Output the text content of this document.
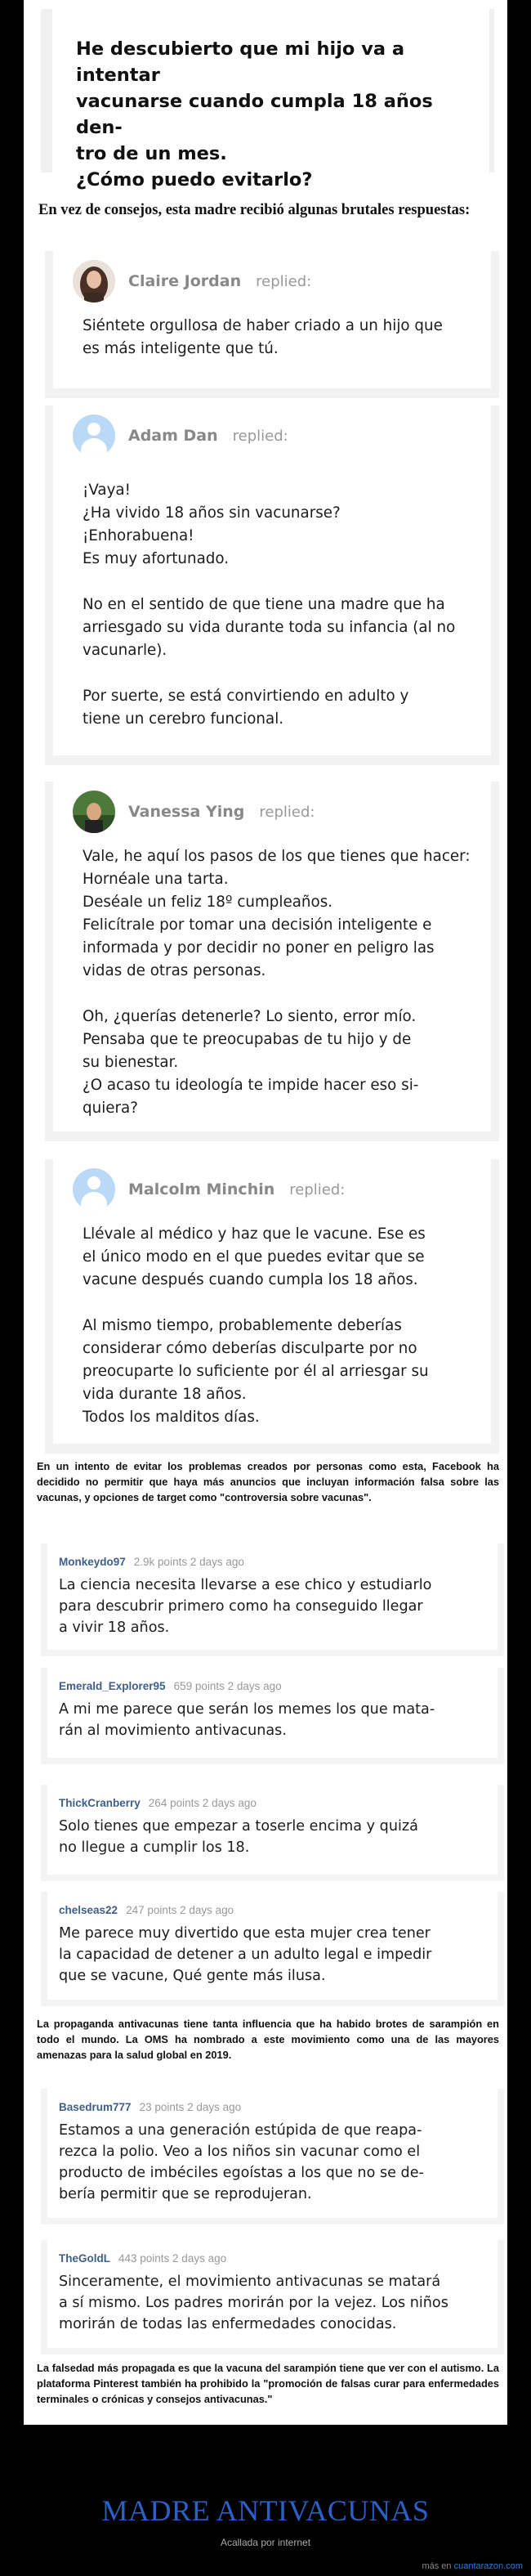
He descubierto que mi hijo va a intentar
vacunarse cuando cumpla 18 años den-
tro de un mes.
¿Cómo puedo evitarlo?
En vez de consejos, esta madre recibió algunas brutales respuestas:
Claire Jordan replied:
Siéntete orgullosa de haber criado a un hijo que
es más inteligente que tú.
Adam Dan replied:
¡Vaya!
¿Ha vivido 18 años sin vacunarse?
¡Enhorabuena!
Es muy afortunado.

No en el sentido de que tiene una madre que ha
arriesgado su vida durante toda su infancia (al no
vacunarle).

Por suerte, se está convirtiendo en adulto y
tiene un cerebro funcional.
Vanessa Ying replied:
Vale, he aquí los pasos de los que tienes que hacer:
Hornéale una tarta.
Deséale un feliz 18º cumpleaños.
Felicítrale por tomar una decisión inteligente e
informada y por decidir no poner en peligro las
vidas de otras personas.

Oh, ¿querías detenerle? Lo siento, error mío.
Pensaba que te preocupabas de tu hijo y de
su bienestar.
¿O acaso tu ideología te impide hacer eso si-
quiera?
Malcolm Minchin replied:
Llévale al médico y haz que le vacune. Ese es
el único modo en el que puedes evitar que se
vacune después cuando cumpla los 18 años.

Al mismo tiempo, probablemente deberías
considerar cómo deberías disculparte por no
preocuparte lo suficiente por él al arriesgar su
vida durante 18 años.
Todos los malditos días.
En un intento de evitar los problemas creados por personas como esta, Facebook ha decidido no permitir que haya más anuncios que incluyan información falsa sobre las vacunas, y opciones de target como "controversia sobre vacunas".
Monkeydo97 2.9k points 2 days ago
La ciencia necesita llevarse a ese chico y estudiarlo
para descubrir primero como ha conseguido llegar
a vivir 18 años.
Emerald_Explorer95 659 points 2 days ago
A mi me parece que serán los memes los que mata-
rán al movimiento antivacunas.
ThickCranberry 264 points 2 days ago
Solo tienes que empezar a toserle encima y quizá
no llegue a cumplir los 18.
chelseas22 247 points 2 days ago
Me parece muy divertido que esta mujer crea tener
la capacidad de detener a un adulto legal e impedir
que se vacune, Qué gente más ilusa.
La propaganda antivacunas tiene tanta influencia que ha habido brotes de sarampión en todo el mundo. La OMS ha nombrado a este movimiento como una de las mayores amenazas para la salud global en 2019.
Basedrum777 23 points 2 days ago
Estamos a una generación estúpida de que reapa-
rezca la polio. Veo a los niños sin vacunar como el
producto de imbéciles egoístas a los que no se de-
bería permitir que se reprodujeran.
TheGoldL 443 points 2 days ago
Sinceramente, el movimiento antivacunas se matará
a sí mismo. Los padres morirán por la vejez. Los niños
morirán de todas las enfermedades conocidas.
La falsedad más propagada es que la vacuna del sarampión tiene que ver con el autismo. La plataforma Pinterest también ha prohibido la "promoción de falsas curar para enfermedades terminales o crónicas y consejos antivacunas."
MADRE ANTIVACUNAS
Acallada por internet
más en cuantarazon.com
